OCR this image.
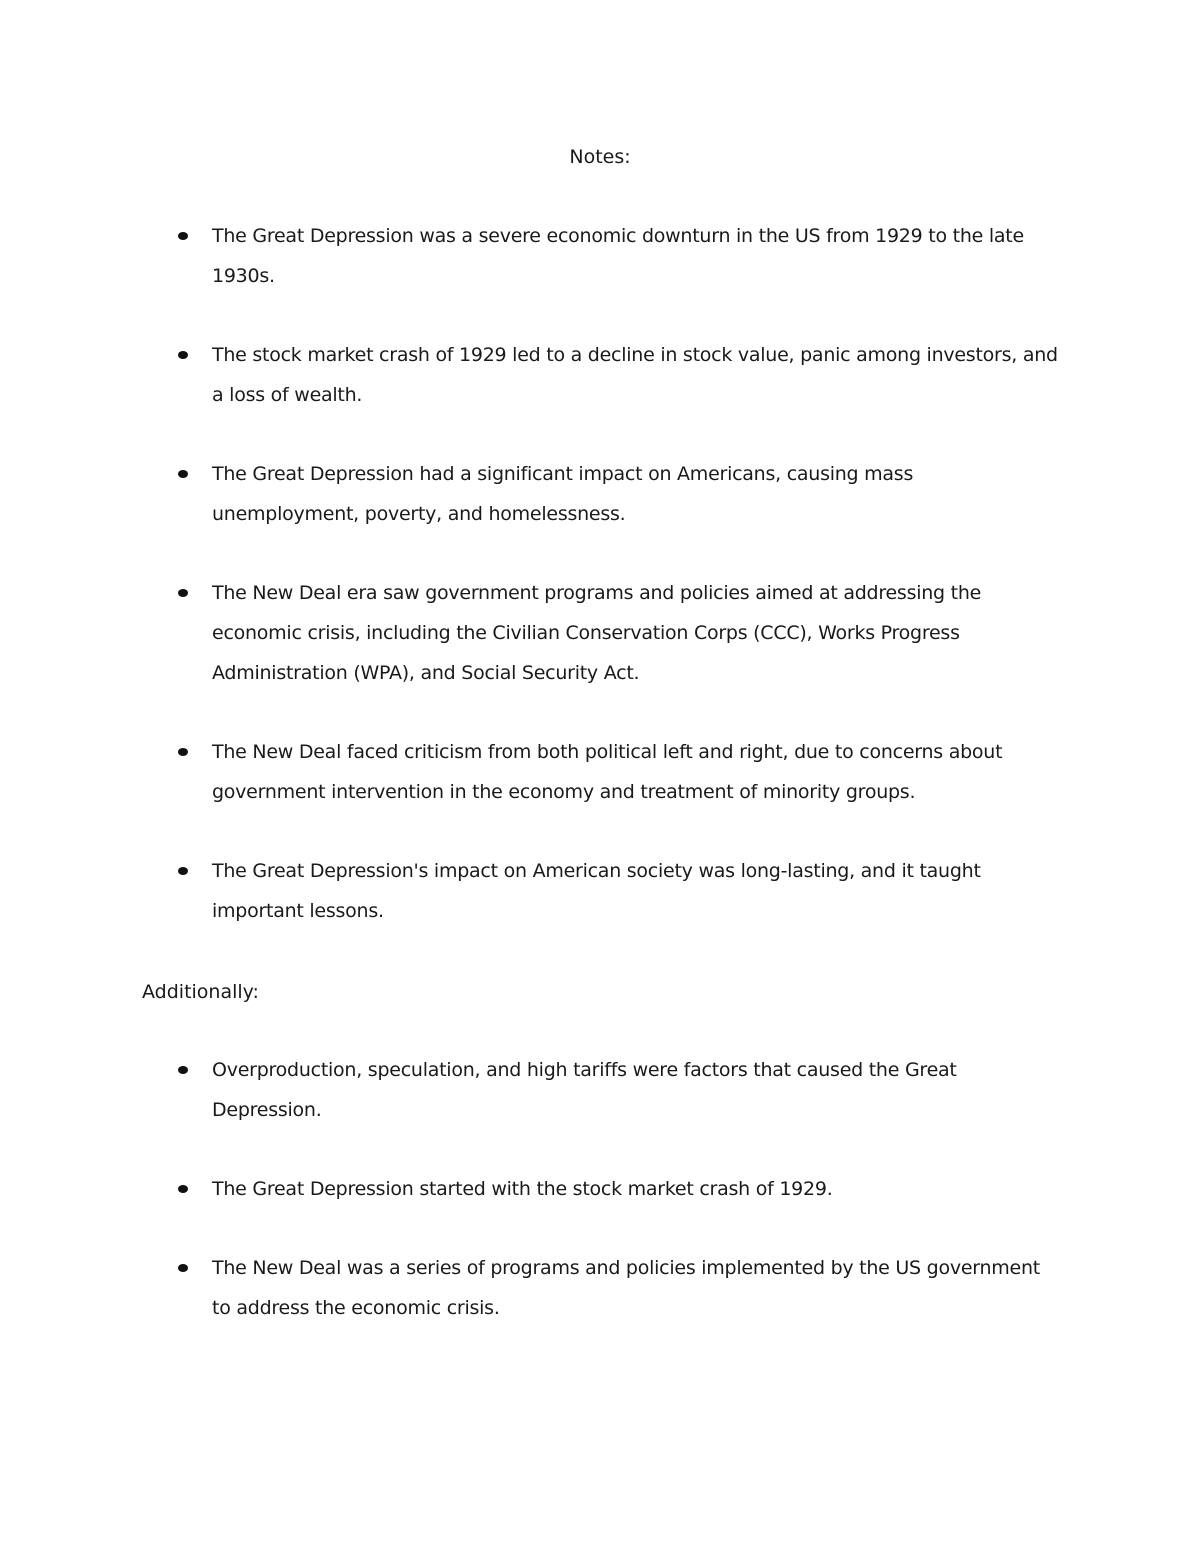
Notes:
The Great Depression was a severe economic downturn in the US from 1929 to the late 1930s.
The stock market crash of 1929 led to a decline in stock value, panic among investors, and a loss of wealth.
The Great Depression had a significant impact on Americans, causing mass unemployment, poverty, and homelessness.
The New Deal era saw government programs and policies aimed at addressing the economic crisis, including the Civilian Conservation Corps (CCC), Works Progress Administration (WPA), and Social Security Act.
The New Deal faced criticism from both political left and right, due to concerns about government intervention in the economy and treatment of minority groups.
The Great Depression's impact on American society was long-lasting, and it taught important lessons.
Additionally:
Overproduction, speculation, and high tariffs were factors that caused the Great Depression.
The Great Depression started with the stock market crash of 1929.
The New Deal was a series of programs and policies implemented by the US government to address the economic crisis.
